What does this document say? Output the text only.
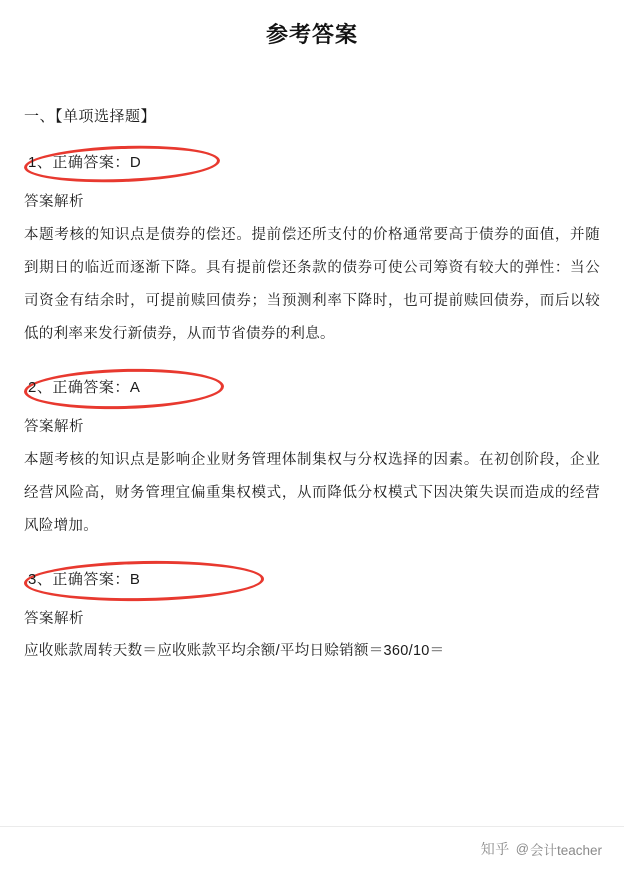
参考答案
一、【单项选择题】
1、正确答案：D
答案解析

本题考核的知识点是债券的偿还。提前偿还所支付的价格通常要高于债券的面值，并随到期日的临近而逐渐下降。具有提前偿还条款的债券可使公司筹资有较大的弹性：当公司资金有结余时，可提前赎回债券；当预测利率下降时，也可提前赎回债券，而后以较低的利率来发行新债券，从而节省债券的利息。

2、正确答案：A
答案解析

本题考核的知识点是影响企业财务管理体制集权与分权选择的因素。在初创阶段，企业经营风险高，财务管理宜偏重集权模式，从而降低分权模式下因决策失误而造成的经营风险增加。

3、正确答案：B
答案解析

应收账款周转天数＝应收账款平均余额/平均日赊销额＝360/10＝

知乎 @ 会计teacher
